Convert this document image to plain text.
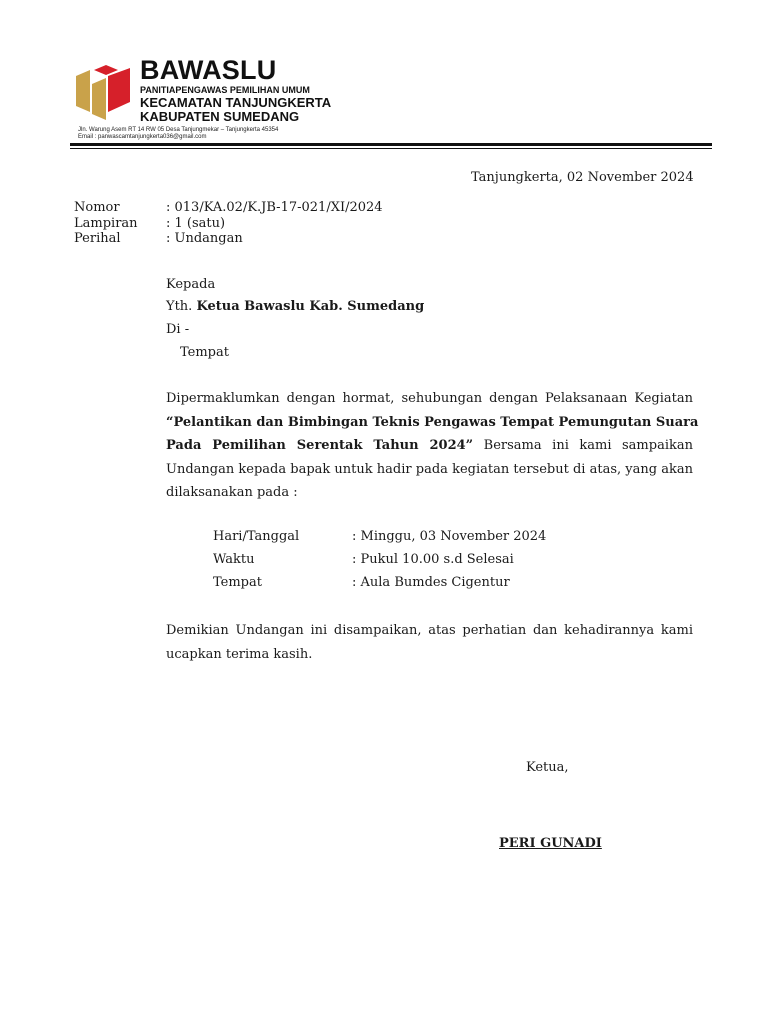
BAWASLU
PANITIAPENGAWAS PEMILIHAN UMUM
KECAMATAN TANJUNGKERTA
KABUPATEN SUMEDANG
Jln. Warung Asem RT 14 RW 05 Desa Tanjungmekar – Tanjungkerta 45354
Email : panwascamtanjungkerta036@gmail.com
Tanjungkerta, 02 November 2024
Nomor	: 013/KA.02/K.JB-17-021/XI/2024
Lampiran : 1 (satu)
Perihal	: Undangan
Kepada
Yth. Ketua Bawaslu Kab. Sumedang
Di -
Tempat
Dipermaklumkan dengan hormat, sehubungan dengan Pelaksanaan Kegiatan
“Pelantikan dan Bimbingan Teknis Pengawas Tempat Pemungutan Suara
Pada Pemilihan Serentak Tahun 2024” Bersama ini kami sampaikan
Undangan kepada bapak untuk hadir pada kegiatan tersebut di atas, yang akan
dilaksanakan pada :
Hari/Tanggal	: Minggu, 03 November 2024
Waktu	: Pukul 10.00 s.d Selesai
Tempat	: Aula Bumdes Cigentur
Demikian Undangan ini disampaikan, atas perhatian dan kehadirannya kami
ucapkan terima kasih.
Ketua,
PERI GUNADI
